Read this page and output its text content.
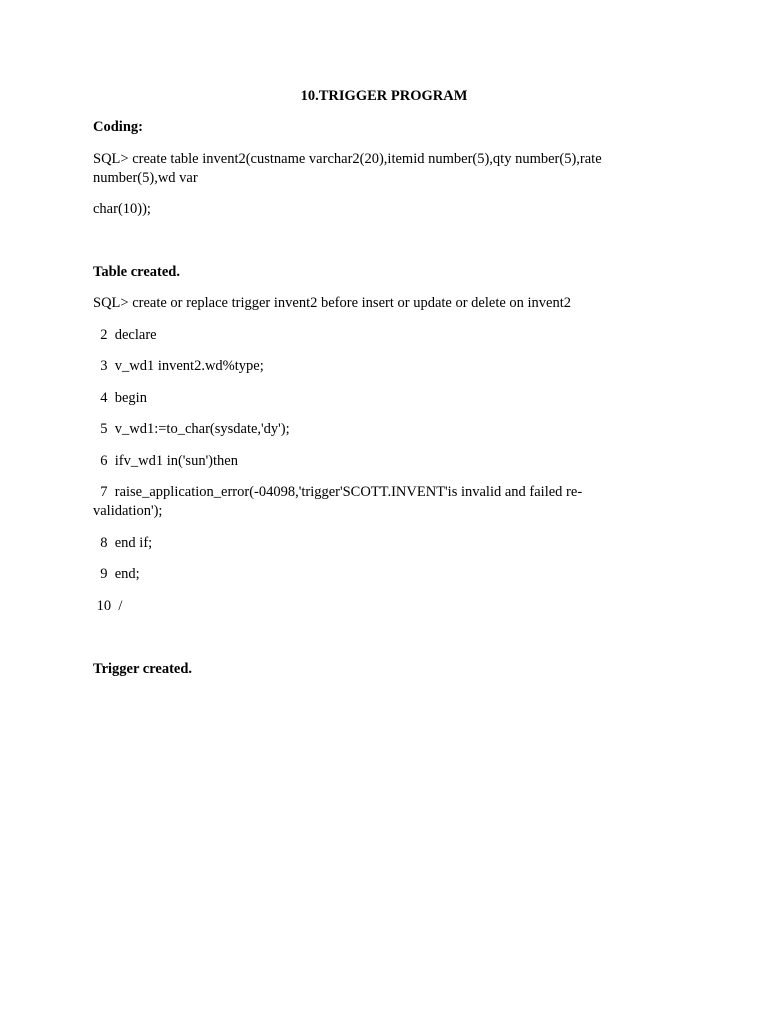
10.TRIGGER PROGRAM
Coding:
SQL> create table invent2(custname varchar2(20),itemid number(5),qty number(5),rate
number(5),wd var
char(10));
Table created.
SQL> create or replace trigger invent2 before insert or update or delete on invent2
2  declare
3  v_wd1 invent2.wd%type;
4  begin
5  v_wd1:=to_char(sysdate,'dy');
6  ifv_wd1 in('sun')then
7  raise_application_error(-04098,'trigger'SCOTT.INVENT'is invalid and failed re-
validation');
8  end if;
9  end;
10  /
Trigger created.
